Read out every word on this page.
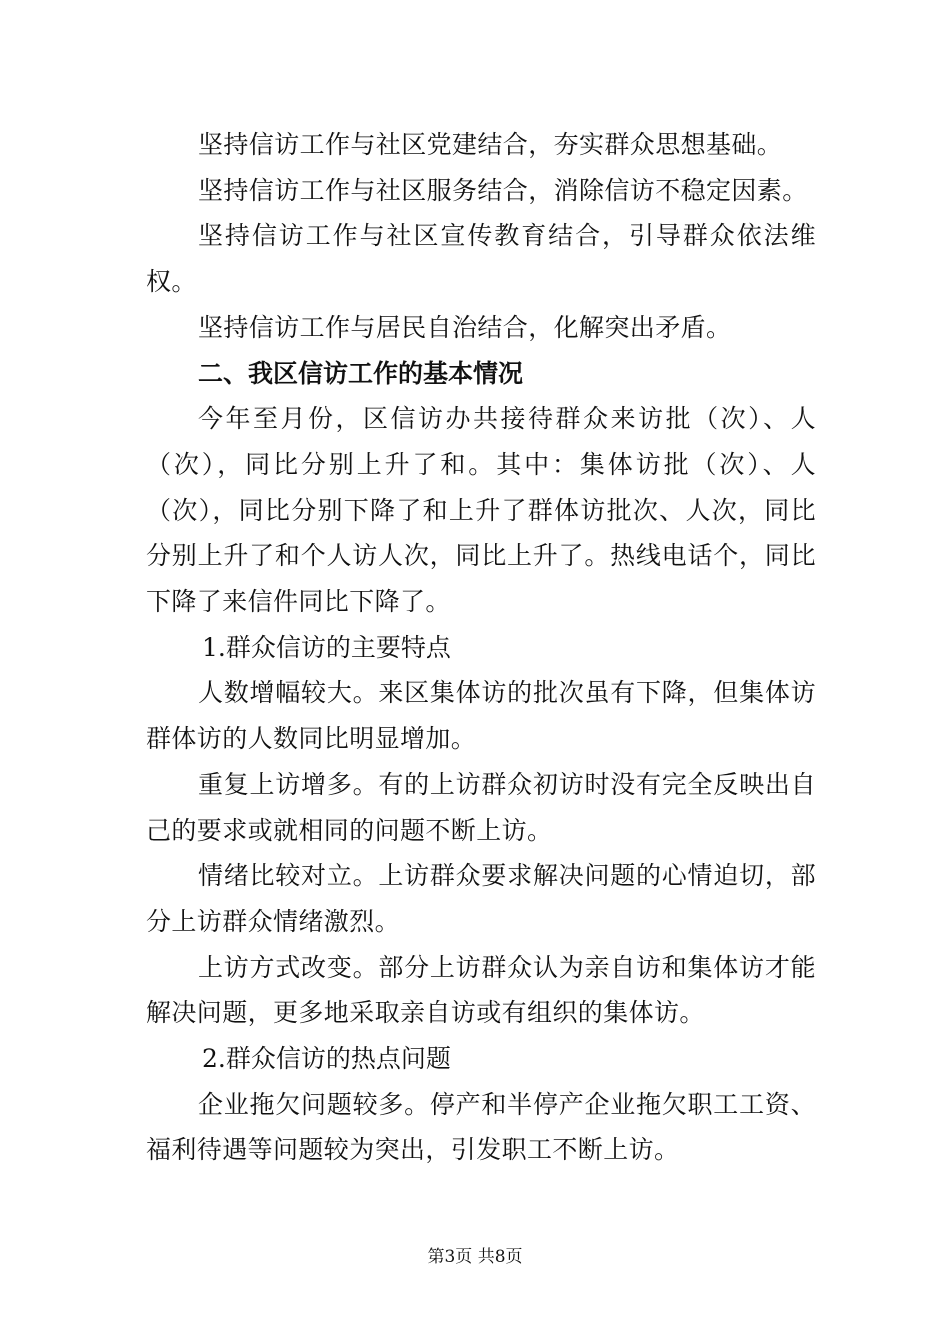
坚持信访工作与社区党建结合，夯实群众思想基础。

坚持信访工作与社区服务结合，消除信访不稳定因素。

坚持信访工作与社区宣传教育结合，引导群众依法维权。

坚持信访工作与居民自治结合，化解突出矛盾。

二、我区信访工作的基本情况

今年至月份，区信访办共接待群众来访批（次）、人（次），同比分别上升了和。其中：集体访批（次）、人（次），同比分别下降了和上升了群体访批次、人次，同比分别上升了和个人访人次，同比上升了。热线电话个，同比下降了来信件同比下降了。

1.群众信访的主要特点

人数增幅较大。来区集体访的批次虽有下降，但集体访群体访的人数同比明显增加。

重复上访增多。有的上访群众初访时没有完全反映出自己的要求或就相同的问题不断上访。

情绪比较对立。上访群众要求解决问题的心情迫切，部分上访群众情绪激烈。

上访方式改变。部分上访群众认为亲自访和集体访才能解决问题，更多地采取亲自访或有组织的集体访。

2.群众信访的热点问题

企业拖欠问题较多。停产和半停产企业拖欠职工工资、福利待遇等问题较为突出，引发职工不断上访。

第3页 共8页
